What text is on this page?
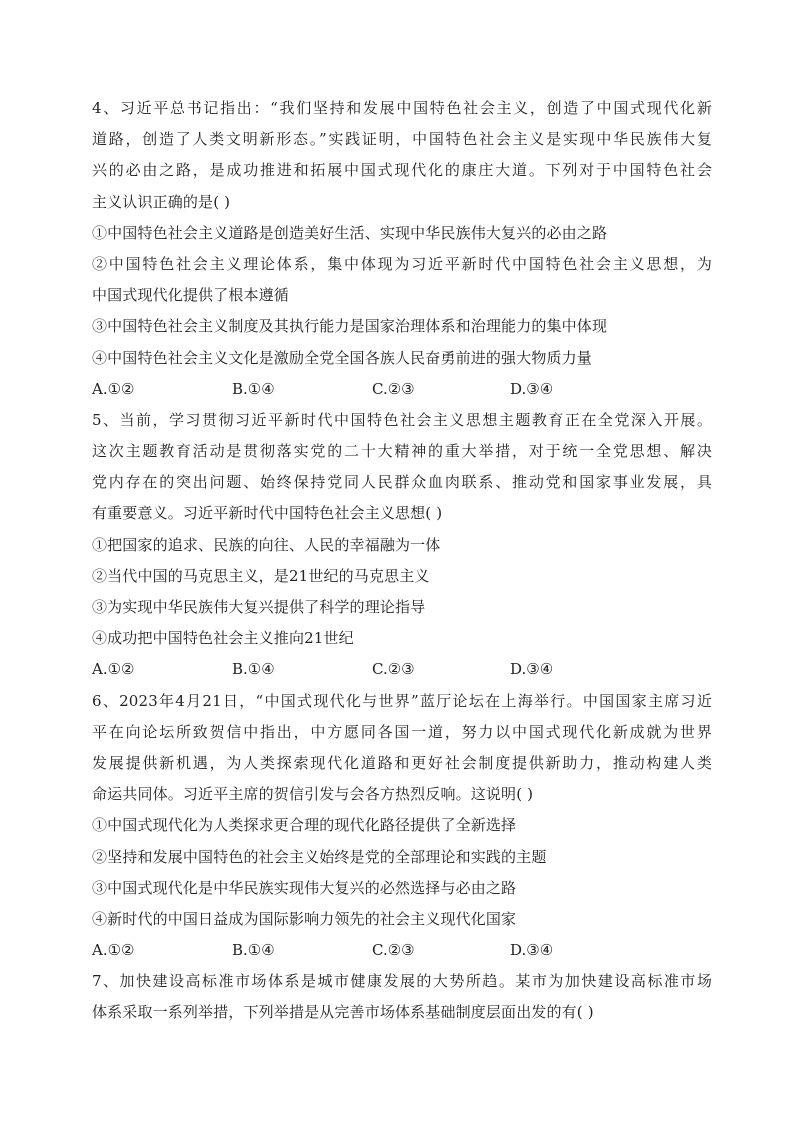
4、习近平总书记指出：“我们坚持和发展中国特色社会主义，创造了中国式现代化新
道路，创造了人类文明新形态。”实践证明，中国特色社会主义是实现中华民族伟大复
兴的必由之路，是成功推进和拓展中国式现代化的康庄大道。下列对于中国特色社会
主义认识正确的是( )
①中国特色社会主义道路是创造美好生活、实现中华民族伟大复兴的必由之路
②中国特色社会主义理论体系，集中体现为习近平新时代中国特色社会主义思想，为
中国式现代化提供了根本遵循
③中国特色社会主义制度及其执行能力是国家治理体系和治理能力的集中体现
④中国特色社会主义文化是激励全党全国各族人民奋勇前进的强大物质力量
A.①②	B.①④	C.②③	D.③④
5、当前，学习贯彻习近平新时代中国特色社会主义思想主题教育正在全党深入开展。
这次主题教育活动是贯彻落实党的二十大精神的重大举措，对于统一全党思想、解决
党内存在的突出问题、始终保持党同人民群众血肉联系、推动党和国家事业发展，具
有重要意义。习近平新时代中国特色社会主义思想( )
①把国家的追求、民族的向往、人民的幸福融为一体
②当代中国的马克思主义，是21世纪的马克思主义
③为实现中华民族伟大复兴提供了科学的理论指导
④成功把中国特色社会主义推向21世纪
A.①②	B.①④	C.②③	D.③④
6、2023年4月21日，“中国式现代化与世界”蓝厅论坛在上海举行。中国国家主席习近
平在向论坛所致贺信中指出，中方愿同各国一道，努力以中国式现代化新成就为世界
发展提供新机遇，为人类探索现代化道路和更好社会制度提供新助力，推动构建人类
命运共同体。习近平主席的贺信引发与会各方热烈反响。这说明( )
①中国式现代化为人类探求更合理的现代化路径提供了全新选择
②坚持和发展中国特色的社会主义始终是党的全部理论和实践的主题
③中国式现代化是中华民族实现伟大复兴的必然选择与必由之路
④新时代的中国日益成为国际影响力领先的社会主义现代化国家
A.①②	B.①④	C.②③	D.③④
7、加快建设高标准市场体系是城市健康发展的大势所趋。某市为加快建设高标准市场
体系采取一系列举措，下列举措是从完善市场体系基础制度层面出发的有( )
